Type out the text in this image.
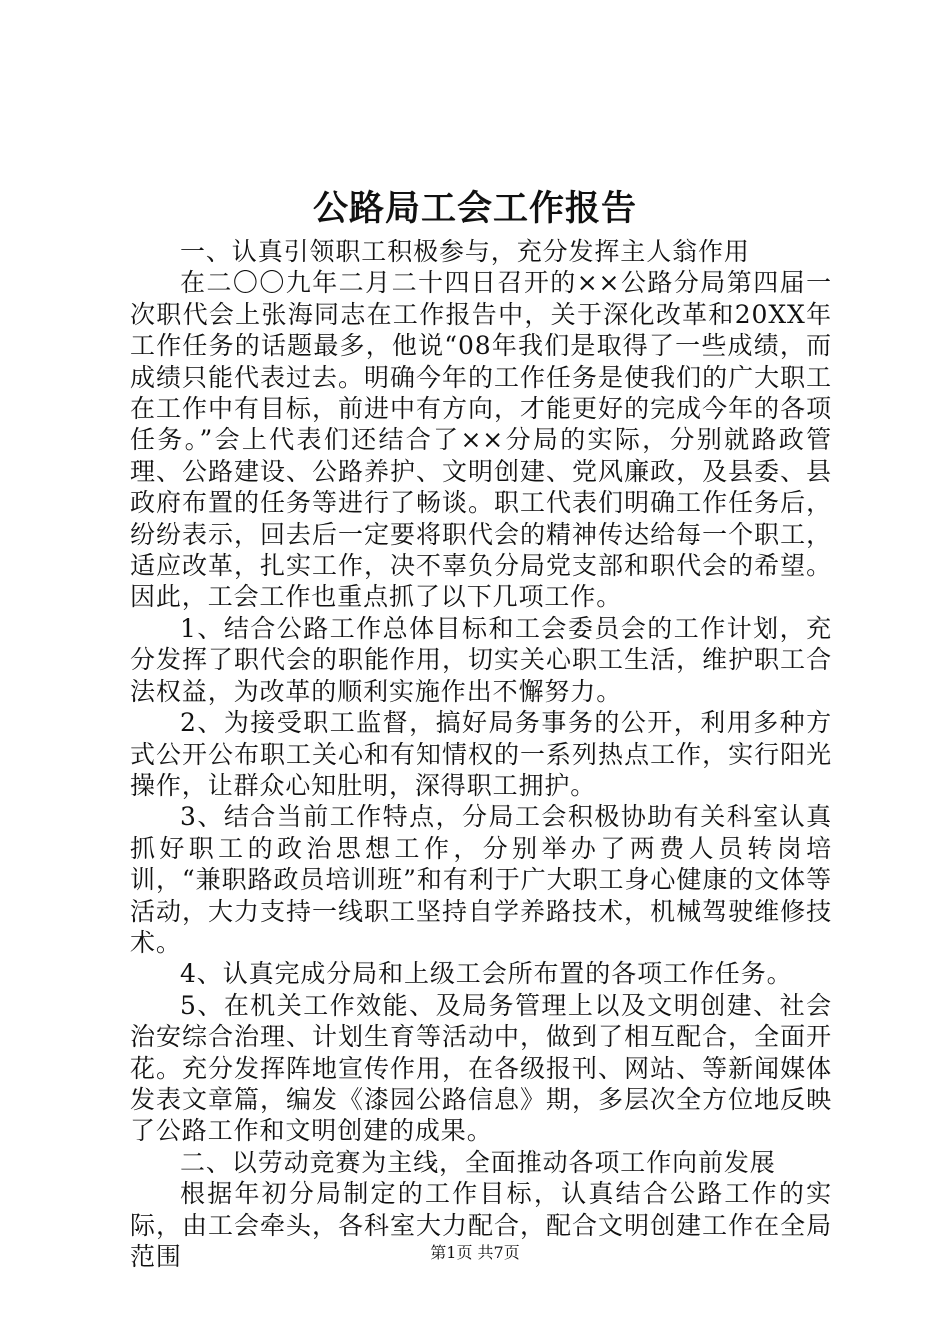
公路局工会工作报告

一、认真引领职工积极参与，充分发挥主人翁作用

在二〇〇九年二月二十四日召开的××公路分局第四届一次职代会上张海同志在工作报告中，关于深化改革和20XX年工作任务的话题最多，他说“08年我们是取得了一些成绩，而成绩只能代表过去。明确今年的工作任务是使我们的广大职工在工作中有目标，前进中有方向，才能更好的完成今年的各项任务。”会上代表们还结合了××分局的实际，分别就路政管理、公路建设、公路养护、文明创建、党风廉政，及县委、县政府布置的任务等进行了畅谈。职工代表们明确工作任务后，纷纷表示，回去后一定要将职代会的精神传达给每一个职工，适应改革，扎实工作，决不辜负分局党支部和职代会的希望。因此，工会工作也重点抓了以下几项工作。

1、结合公路工作总体目标和工会委员会的工作计划，充分发挥了职代会的职能作用，切实关心职工生活，维护职工合法权益，为改革的顺利实施作出不懈努力。

2、为接受职工监督，搞好局务事务的公开，利用多种方式公开公布职工关心和有知情权的一系列热点工作，实行阳光操作，让群众心知肚明，深得职工拥护。

3、结合当前工作特点，分局工会积极协助有关科室认真抓好职工的政治思想工作，分别举办了两费人员转岗培训，“兼职路政员培训班”和有利于广大职工身心健康的文体等活动，大力支持一线职工坚持自学养路技术，机械驾驶维修技术。

4、认真完成分局和上级工会所布置的各项工作任务。

5、在机关工作效能、及局务管理上以及文明创建、社会治安综合治理、计划生育等活动中，做到了相互配合，全面开花。充分发挥阵地宣传作用，在各级报刊、网站、等新闻媒体发表文章篇，编发《漆园公路信息》期，多层次全方位地反映了公路工作和文明创建的成果。

二、以劳动竞赛为主线，全面推动各项工作向前发展

根据年初分局制定的工作目标，认真结合公路工作的实际，由工会牵头，各科室大力配合，配合文明创建工作在全局范围	第1页 共7页
